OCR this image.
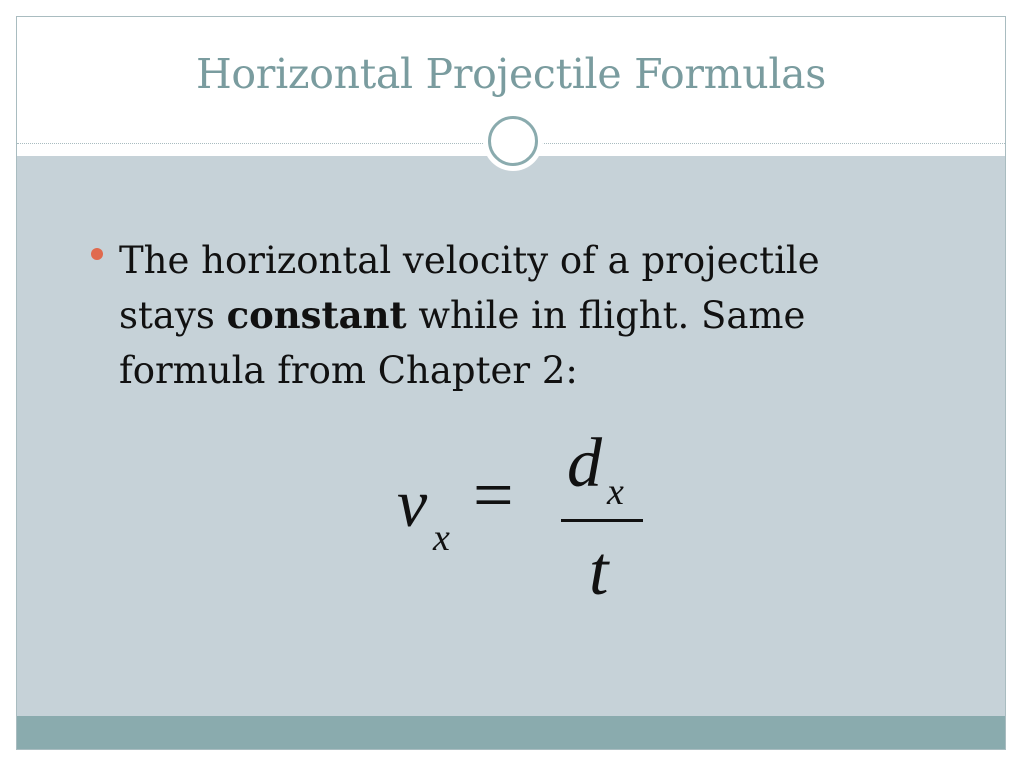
Horizontal Projectile Formulas
The horizontal velocity of a projectile stays constant while in flight. Same formula from Chapter 2:
v x
= d x
t
